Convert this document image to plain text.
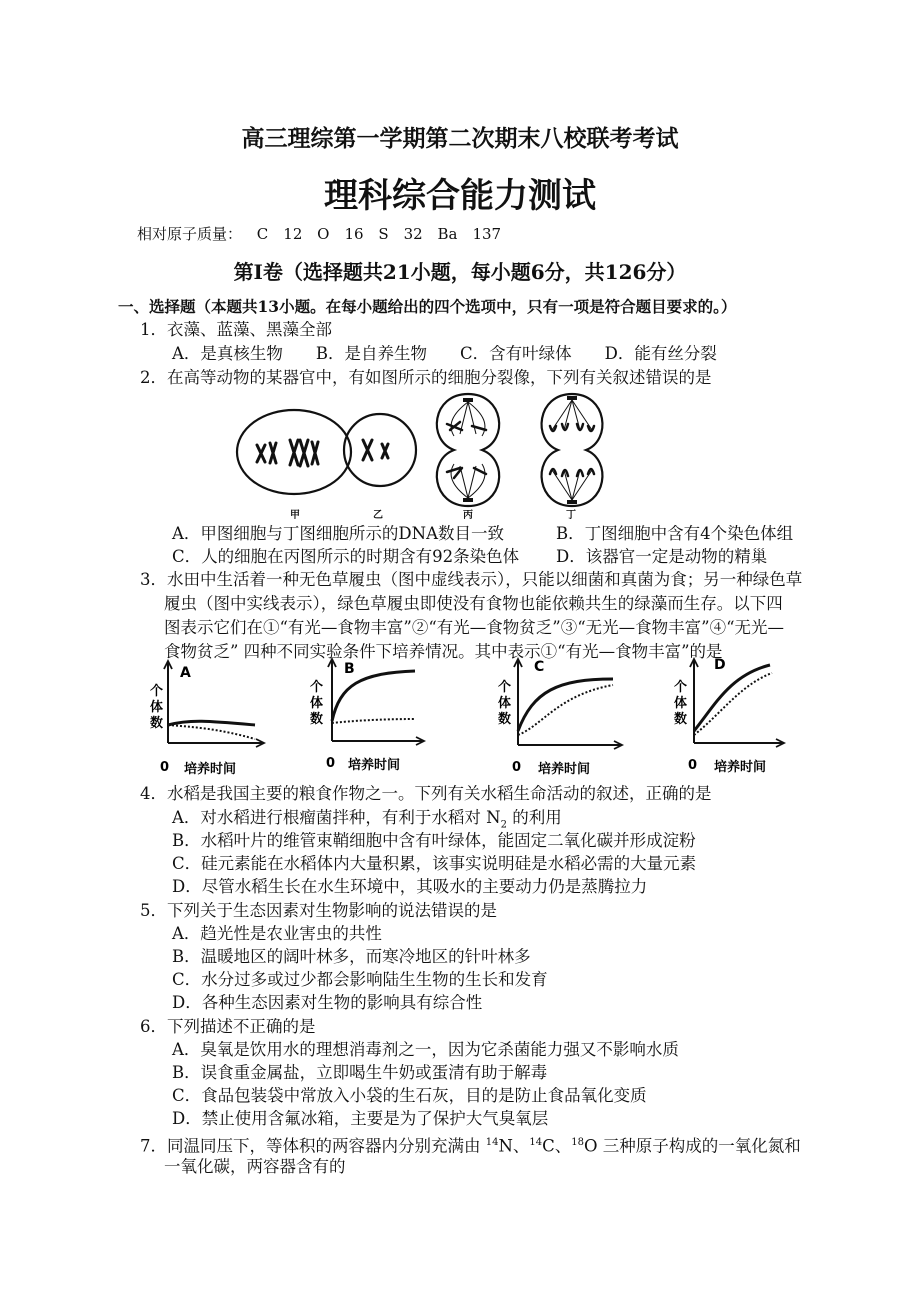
高三理综第一学期第二次期末八校联考考试
理科综合能力测试
相对原子质量： C　12 O　16 S　32 Ba　137
第Ⅰ卷（选择题共21小题，每小题6分，共126分）
一、选择题（本题共13小题。在每小题给出的四个选项中，只有一项是符合题目要求的。）
1．衣藻、蓝藻、黑藻全部
A．是真核生物　　B．是自养生物　　C．含有叶绿体　　D．能有丝分裂
2．在高等动物的某器官中，有如图所示的细胞分裂像，下列有关叙述错误的是
甲	乙	丙	丁
A．甲图细胞与丁图细胞所示的DNA数目一致	B．丁图细胞中含有4个染色体组
C．人的细胞在丙图所示的时期含有92条染色体 D．该器官一定是动物的精巢
3．水田中生活着一种无色草履虫（图中虚线表示），只能以细菌和真菌为食；另一种绿色草
履虫（图中实线表示），绿色草履虫即使没有食物也能依赖共生的绿藻而生存。以下四
图表示它们在①“有光—食物丰富”②“有光—食物贫乏”③“无光—食物丰富”④“无光—
食物贫乏” 四种不同实验条件下培养情况。其中表示①“有光—食物丰富”的是
A
个
体
数
0 培养时间
B
个
体
数
0 培养时间
C
个
体
数
0 培养时间
D
个
体
数
0 培养时间
4．水稻是我国主要的粮食作物之一。下列有关水稻生命活动的叙述，正确的是
A．对水稻进行根瘤菌拌种，有利于水稻对 $N_2$ 的利用
B．水稻叶片的维管束鞘细胞中含有叶绿体，能固定二氧化碳并形成淀粉
C．硅元素能在水稻体内大量积累，该事实说明硅是水稻必需的大量元素
D．尽管水稻生长在水生环境中，其吸水的主要动力仍是蒸腾拉力
5．下列关于生态因素对生物影响的说法错误的是
A．趋光性是农业害虫的共性
B．温暖地区的阔叶林多，而寒冷地区的针叶林多
C．水分过多或过少都会影响陆生生物的生长和发育
D．各种生态因素对生物的影响具有综合性
6．下列描述不正确的是
A．臭氧是饮用水的理想消毒剂之一，因为它杀菌能力强又不影响水质
B．误食重金属盐，立即喝生牛奶或蛋清有助于解毒
C．食品包装袋中常放入小袋的生石灰，目的是防止食品氧化变质
D．禁止使用含氟冰箱，主要是为了保护大气臭氧层
7．同温同压下，等体积的两容器内分别充满由 $^{14}$N、$^{14}$C、$^{18}$O 三种原子构成的一氧化氮和
一氧化碳，两容器含有的
